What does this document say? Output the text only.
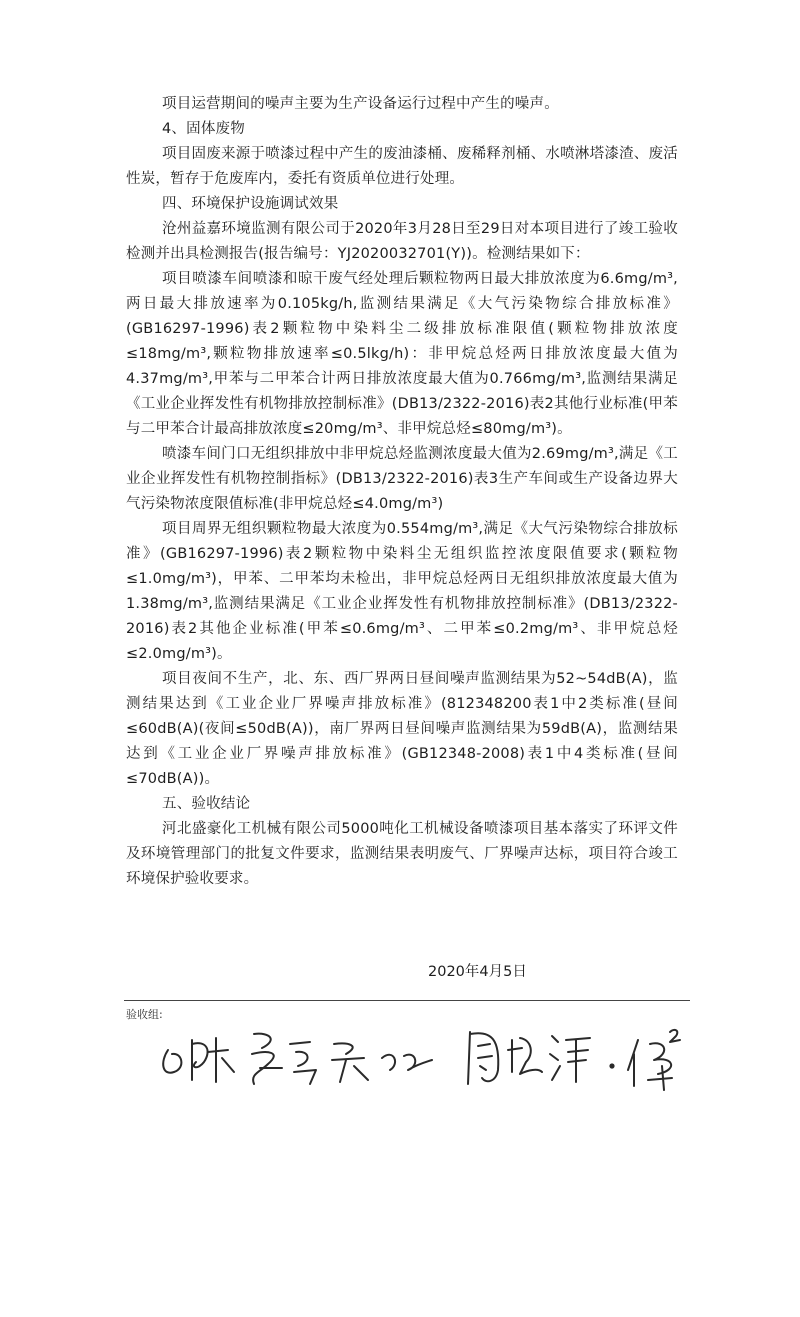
项目运营期间的噪声主要为生产设备运行过程中产生的噪声。

4、固体废物

项目固废来源于喷漆过程中产生的废油漆桶、废稀释剂桶、水喷淋塔漆渣、废活性炭，暂存于危废库内，委托有资质单位进行处理。

四、环境保护设施调试效果

沧州益嘉环境监测有限公司于2020年3月28日至29日对本项目进行了竣工验收检测并出具检测报告(报告编号：YJ2020032701(Y))。检测结果如下：

项目喷漆车间喷漆和晾干废气经处理后颗粒物两日最大排放浓度为6.6mg/m³,两日最大排放速率为0.105kg/h,监测结果满足《大气污染物综合排放标准》(GB16297-1996)表2颗粒物中染料尘二级排放标准限值(颗粒物排放浓度≤18mg/m³,颗粒物排放速率≤0.5lkg/h)：非甲烷总烃两日排放浓度最大值为4.37mg/m³,甲苯与二甲苯合计两日排放浓度最大值为0.766mg/m³,监测结果满足《工业企业挥发性有机物排放控制标准》(DB13/2322-2016)表2其他行业标准(甲苯与二甲苯合计最高排放浓度≤20mg/m³、非甲烷总烃≤80mg/m³)。

喷漆车间门口无组织排放中非甲烷总烃监测浓度最大值为2.69mg/m³,满足《工业企业挥发性有机物控制指标》(DB13/2322-2016)表3生产车间或生产设备边界大气污染物浓度限值标准(非甲烷总烃≤4.0mg/m³)

项目周界无组织颗粒物最大浓度为0.554mg/m³,满足《大气污染物综合排放标准》(GB16297-1996)表2颗粒物中染料尘无组织监控浓度限值要求(颗粒物≤1.0mg/m³)，甲苯、二甲苯均未检出，非甲烷总烃两日无组织排放浓度最大值为1.38mg/m³,监测结果满足《工业企业挥发性有机物排放控制标准》(DB13/2322-2016)表2其他企业标准(甲苯≤0.6mg/m³、二甲苯≤0.2mg/m³、非甲烷总烃≤2.0mg/m³)。

项目夜间不生产，北、东、西厂界两日昼间噪声监测结果为52~54dB(A)，监测结果达到《工业企业厂界噪声排放标准》(812348200表1中2类标准(昼间≤60dB(A)(夜间≤50dB(A))，南厂界两日昼间噪声监测结果为59dB(A)，监测结果达到《工业企业厂界噪声排放标准》(GB12348-2008)表1中4类标准(昼间≤70dB(A))。

五、验收结论

河北盛豪化工机械有限公司5000吨化工机械设备喷漆项目基本落实了环评文件及环境管理部门的批复文件要求，监测结果表明废气、厂界噪声达标，项目符合竣工环境保护验收要求。

2020年4月5日
验收组:
